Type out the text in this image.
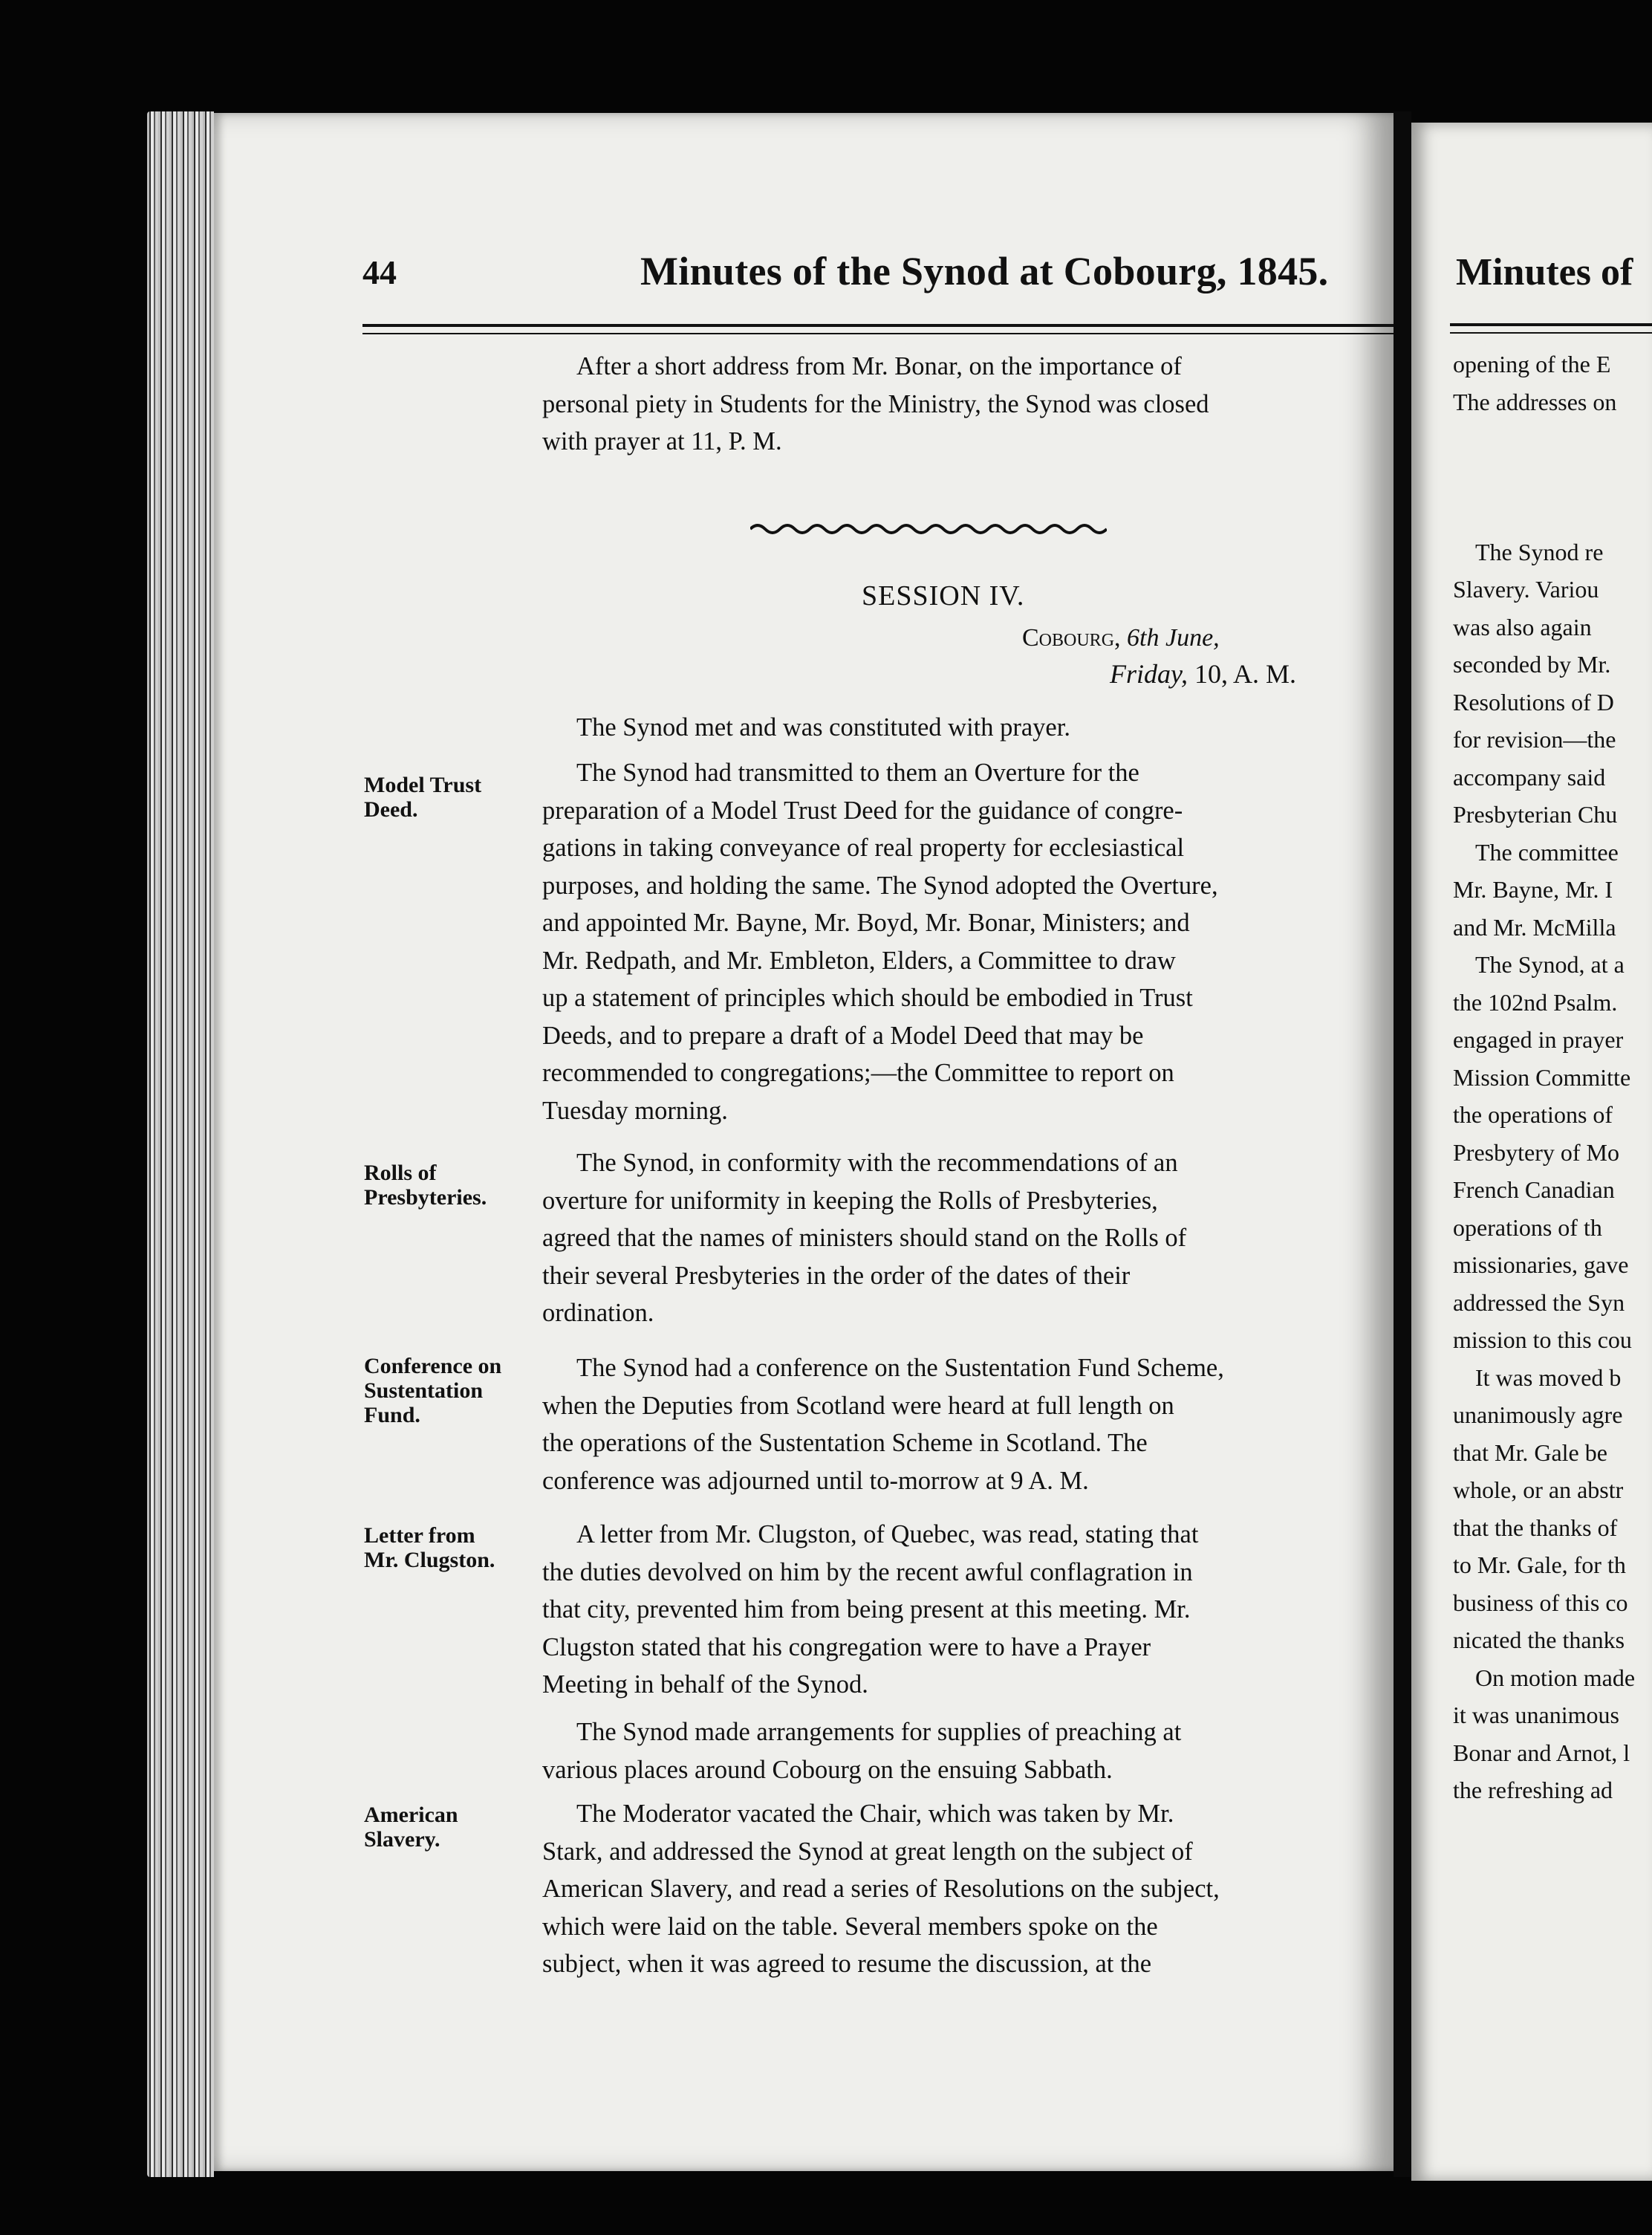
44	Minutes of the Synod at Cobourg, 1845.

After a short address from Mr. Bonar, on the importance of

personal piety in Students for the Ministry, the Synod was closed

with prayer at 11, P. M.

SESSION IV.
Cobourg, 6th June,
Friday, 10, A. M.

The Synod met and was constituted with prayer.

Model Trust
Deed.

The Synod had transmitted to them an Overture for the

preparation of a Model Trust Deed for the guidance of congre-

gations in taking conveyance of real property for ecclesiastical

purposes, and holding the same. The Synod adopted the Overture,

and appointed Mr. Bayne, Mr. Boyd, Mr. Bonar, Ministers; and

Mr. Redpath, and Mr. Embleton, Elders, a Committee to draw

up a statement of principles which should be embodied in Trust

Deeds, and to prepare a draft of a Model Deed that may be

recommended to congregations;—the Committee to report on

Tuesday morning.

Rolls of
Presbyteries.

The Synod, in conformity with the recommendations of an

overture for uniformity in keeping the Rolls of Presbyteries,

agreed that the names of ministers should stand on the Rolls of

their several Presbyteries in the order of the dates of their

ordination.

Conference on
Sustentation
Fund.

The Synod had a conference on the Sustentation Fund Scheme,

when the Deputies from Scotland were heard at full length on

the operations of the Sustentation Scheme in Scotland. The

conference was adjourned until to-morrow at 9 A. M.

Letter from
Mr. Clugston.

A letter from Mr. Clugston, of Quebec, was read, stating that

the duties devolved on him by the recent awful conflagration in

that city, prevented him from being present at this meeting. Mr.

Clugston stated that his congregation were to have a Prayer

Meeting in behalf of the Synod.

The Synod made arrangements for supplies of preaching at

various places around Cobourg on the ensuing Sabbath.

American
Slavery.

The Moderator vacated the Chair, which was taken by Mr.

Stark, and addressed the Synod at great length on the subject of

American Slavery, and read a series of Resolutions on the subject,

which were laid on the table. Several members spoke on the

subject, when it was agreed to resume the discussion, at the

Minutes of

opening of the E

The addresses on

The Synod re

Slavery. Variou

was also again

seconded by Mr.

Resolutions of D

for revision—the

accompany said

Presbyterian Chu

The committee

Mr. Bayne, Mr. I

and Mr. McMilla

The Synod, at a

the 102nd Psalm.

engaged in prayer

Mission Committe

the operations of

Presbytery of Mo

French Canadian

operations of th

missionaries, gave

addressed the Syn

mission to this cou

It was moved b

unanimously agre

that Mr. Gale be

whole, or an abstr

that the thanks of

to Mr. Gale, for th

business of this co

nicated the thanks

On motion made

it was unanimous

Bonar and Arnot, l

the refreshing ad
